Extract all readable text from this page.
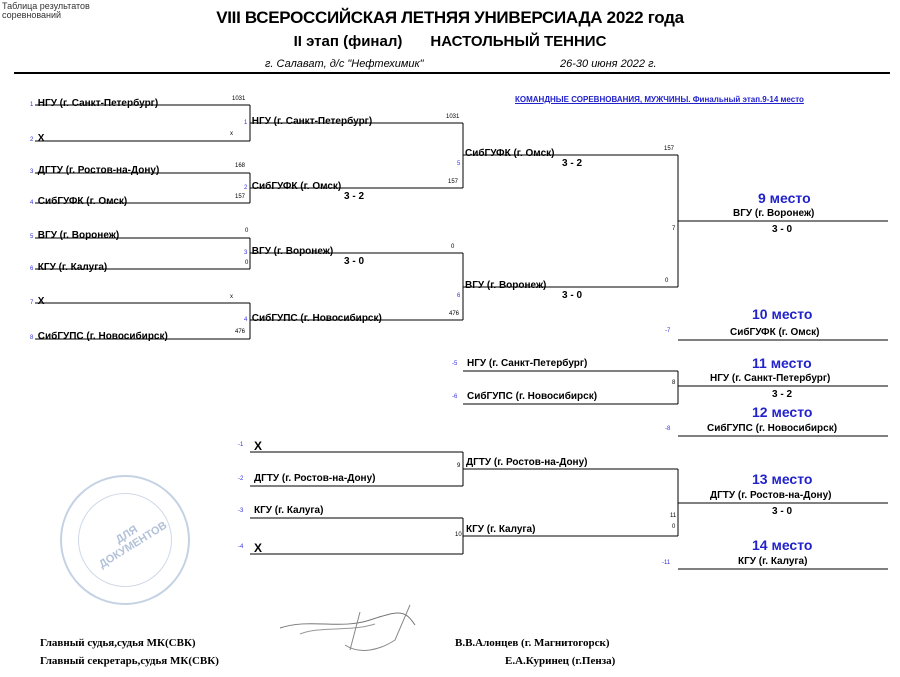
Таблица результатов соревнований	VIII ВСЕРОССИЙСКАЯ ЛЕТНЯЯ УНИВЕРСИАДА 2022 года
II этап (финал) НАСТОЛЬНЫЙ ТЕННИС
г. Салават, д/с "Нефтехимик"	26-30 июня 2022 г.
КОМАНДНЫЕ СОРЕВНОВАНИЯ, МУЖЧИНЫ. Финальный этап.9-14 место
1 НГУ (г. Санкт-Петербург)	1031
2 Х	x
3 ДГТУ (г. Ростов-на-Дону)	168
4 СибГУФК (г. Омск)	157
5 ВГУ (г. Воронеж)	0
6 КГУ (г. Калуга)	0
7 Х	x
8 СибГУПС (г. Новосибирск)	476
1 НГУ (г. Санкт-Петербург)	1031
2 СибГУФК (г. Омск)	157
3 - 2
3 ВГУ (г. Воронеж)	0
3 - 0
4 СибГУПС (г. Новосибирск)	476
5
СибГУФК (г. Омск)	157
3 - 2
6
ВГУ (г. Воронеж)	0
3 - 0
9 место
7
ВГУ (г. Воронеж)
3 - 0
10 место
-7	СибГУФК (г. Омск)
-5 НГУ (г. Санкт-Петербург)
-6 СибГУПС (г. Новосибирск)
8
11 место
НГУ (г. Санкт-Петербург)
3 - 2
12 место
-8	СибГУПС (г. Новосибирск)
-1 Х
-2 ДГТУ (г. Ростов-на-Дону)
-3 КГУ (г. Калуга)
-4 Х
9 ДГТУ (г. Ростов-на-Дону)
10 КГУ (г. Калуга)
11
0
13 место
ДГТУ (г. Ростов-на-Дону)
3 - 0
14 место
-11	КГУ (г. Калуга)
ДЛЯ ДОКУМЕНТОВ
Главный судья,судья МК(СВК)
Главный секретарь,судья МК(СВК)
В.В.Алонцев (г. Магнитогорск)
Е.А.Куринец (г.Пенза)
